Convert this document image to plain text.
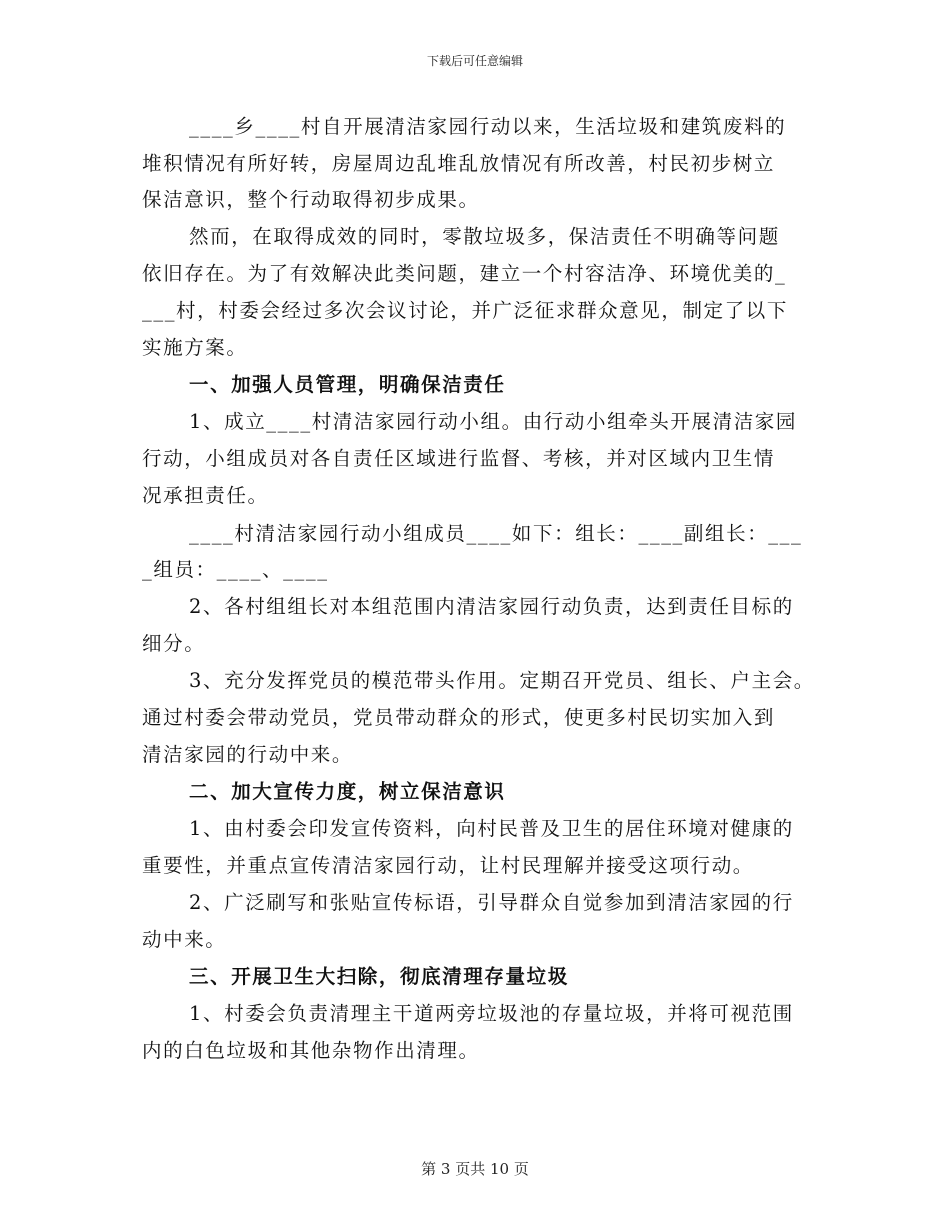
下载后可任意编辑
____乡____村自开展清洁家园行动以来，生活垃圾和建筑废料的
堆积情况有所好转，房屋周边乱堆乱放情况有所改善，村民初步树立
保洁意识，整个行动取得初步成果。
然而，在取得成效的同时，零散垃圾多，保洁责任不明确等问题
依旧存在。为了有效解决此类问题，建立一个村容洁净、环境优美的_
___村，村委会经过多次会议讨论，并广泛征求群众意见，制定了以下
实施方案。
一、加强人员管理，明确保洁责任
1、成立____村清洁家园行动小组。由行动小组牵头开展清洁家园
行动，小组成员对各自责任区域进行监督、考核，并对区域内卫生情
况承担责任。
____村清洁家园行动小组成员____如下：组长：____副组长：___
_组员：____、____
2、各村组组长对本组范围内清洁家园行动负责，达到责任目标的
细分。
3、充分发挥党员的模范带头作用。定期召开党员、组长、户主会。
通过村委会带动党员，党员带动群众的形式，使更多村民切实加入到
清洁家园的行动中来。
二、加大宣传力度，树立保洁意识
1、由村委会印发宣传资料，向村民普及卫生的居住环境对健康的
重要性，并重点宣传清洁家园行动，让村民理解并接受这项行动。
2、广泛刷写和张贴宣传标语，引导群众自觉参加到清洁家园的行
动中来。
三、开展卫生大扫除，彻底清理存量垃圾
1、村委会负责清理主干道两旁垃圾池的存量垃圾，并将可视范围
内的白色垃圾和其他杂物作出清理。
第 3 页共 10 页
